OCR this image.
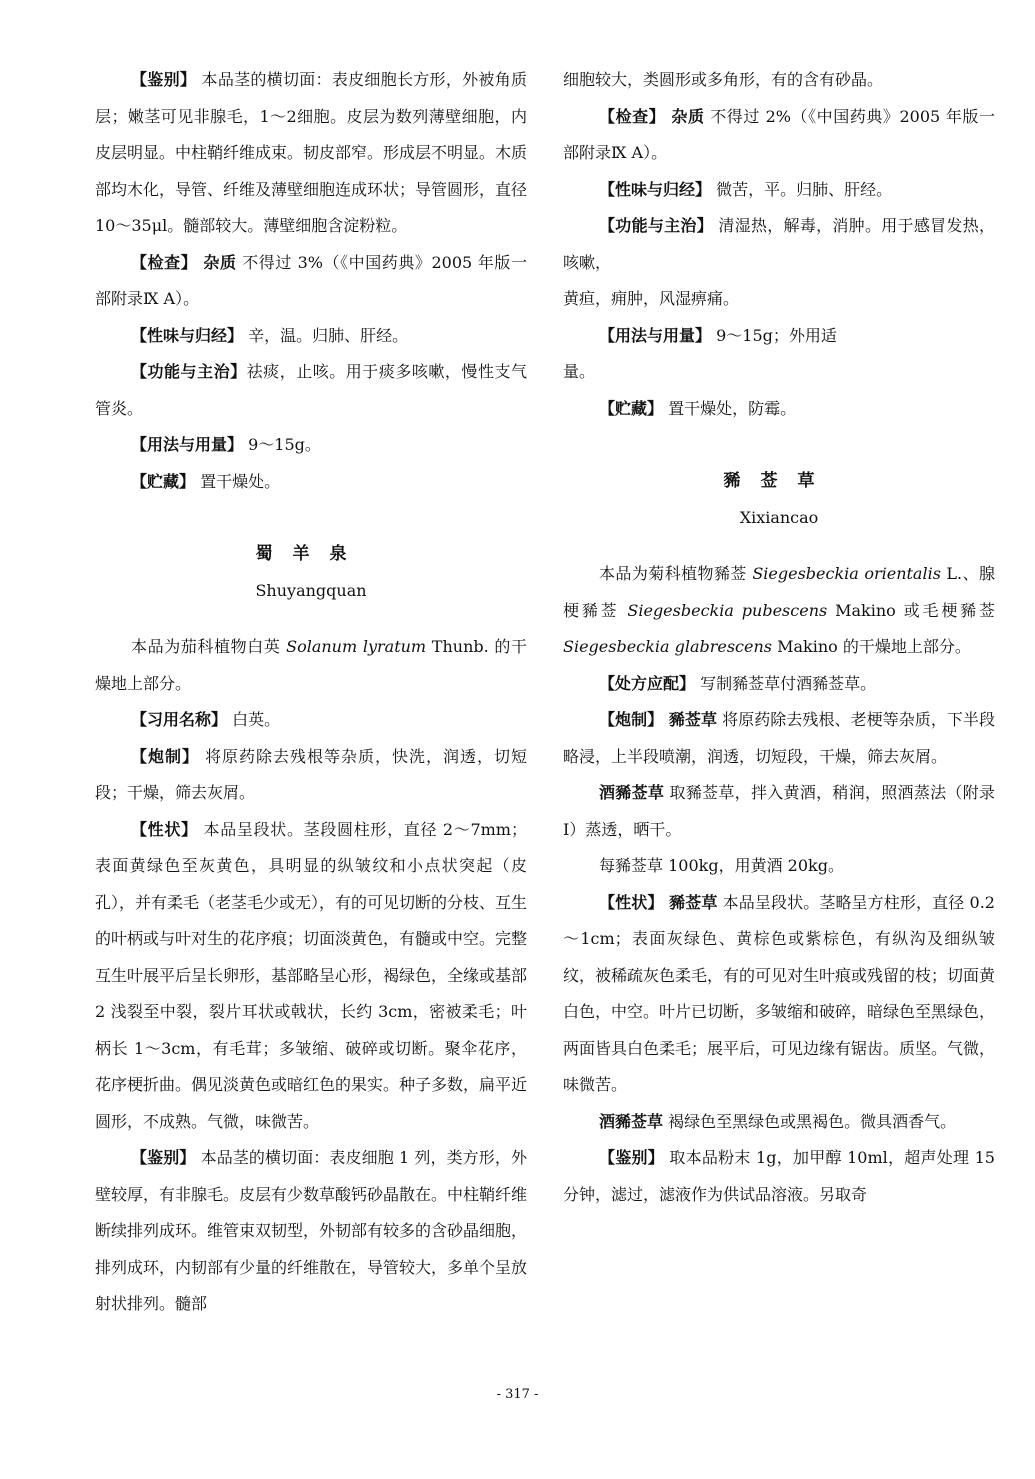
【鉴别】 本品茎的横切面：表皮细胞长方形，外被角质层；嫩茎可见非腺毛，1～2细胞。皮层为数列薄壁细胞，内皮层明显。中柱鞘纤维成束。韧皮部窄。形成层不明显。木质部均木化，导管、纤维及薄壁细胞连成环状；导管圆形，直径10～35μl。髓部较大。薄壁细胞含淀粉粒。

【检查】 杂质 不得过 3%（《中国药典》2005 年版一部附录Ⅸ A）。

【性味与归经】 辛，温。归肺、肝经。

【功能与主治】祛痰，止咳。用于痰多咳嗽，慢性支气管炎。

【用法与用量】 9～15g。

【贮藏】 置干燥处。

蜀羊泉

Shuyangquan

本品为茄科植物白英 Solanum lyratum Thunb. 的干燥地上部分。

【习用名称】 白英。

【炮制】 将原药除去残根等杂质，快洗，润透，切短段；干燥，筛去灰屑。

【性状】 本品呈段状。茎段圆柱形，直径 2～7mm；表面黄绿色至灰黄色，具明显的纵皱纹和小点状突起（皮孔），并有柔毛（老茎毛少或无），有的可见切断的分枝、互生的叶柄或与叶对生的花序痕；切面淡黄色，有髓或中空。完整互生叶展平后呈长卵形，基部略呈心形，褐绿色，全缘或基部 2 浅裂至中裂，裂片耳状或戟状，长约 3cm，密被柔毛；叶柄长 1～3cm，有毛茸；多皱缩、破碎或切断。聚伞花序，花序梗折曲。偶见淡黄色或暗红色的果实。种子多数，扁平近圆形，不成熟。气微，味微苦。

【鉴别】 本品茎的横切面：表皮细胞 1 列，类方形，外壁较厚，有非腺毛。皮层有少数草酸钙砂晶散在。中柱鞘纤维断续排列成环。维管束双韧型，外韧部有较多的含砂晶细胞，排列成环，内韧部有少量的纤维散在，导管较大，多单个呈放射状排列。髓部

细胞较大，类圆形或多角形，有的含有砂晶。

【检查】 杂质 不得过 2%（《中国药典》2005 年版一部附录Ⅸ A）。

【性味与归经】 微苦，平。归肺、肝经。

【功能与主治】 清湿热，解毒，消肿。用于感冒发热，咳嗽，

黄疸，痈肿，风湿痹痛。

【用法与用量】 9～15g；外用适

量。

【贮藏】 置干燥处，防霉。

豨莶草

Xixiancao

本品为菊科植物豨莶 Siegesbeckia orientalis L.、腺梗豨莶 Siegesbeckia pubescens Makino 或毛梗豨莶 Siegesbeckia glabrescens Makino 的干燥地上部分。

【处方应配】 写制豨莶草付酒豨莶草。

【炮制】 豨莶草 将原药除去残根、老梗等杂质，下半段略浸，上半段喷潮，润透，切短段，干燥，筛去灰屑。

酒豨莶草 取豨莶草，拌入黄酒，稍润，照酒蒸法（附录Ⅰ）蒸透，晒干。

每豨莶草 100kg，用黄酒 20kg。

【性状】 豨莶草 本品呈段状。茎略呈方柱形，直径 0.2～1cm；表面灰绿色、黄棕色或紫棕色，有纵沟及细纵皱纹，被稀疏灰色柔毛，有的可见对生叶痕或残留的枝；切面黄白色，中空。叶片已切断，多皱缩和破碎，暗绿色至黑绿色，两面皆具白色柔毛；展平后，可见边缘有锯齿。质坚。气微，味微苦。

酒豨莶草 褐绿色至黑绿色或黑褐色。微具酒香气。

【鉴别】 取本品粉末 1g，加甲醇 10ml，超声处理 15 分钟，滤过，滤液作为供试品溶液。另取奇

- 317 -
